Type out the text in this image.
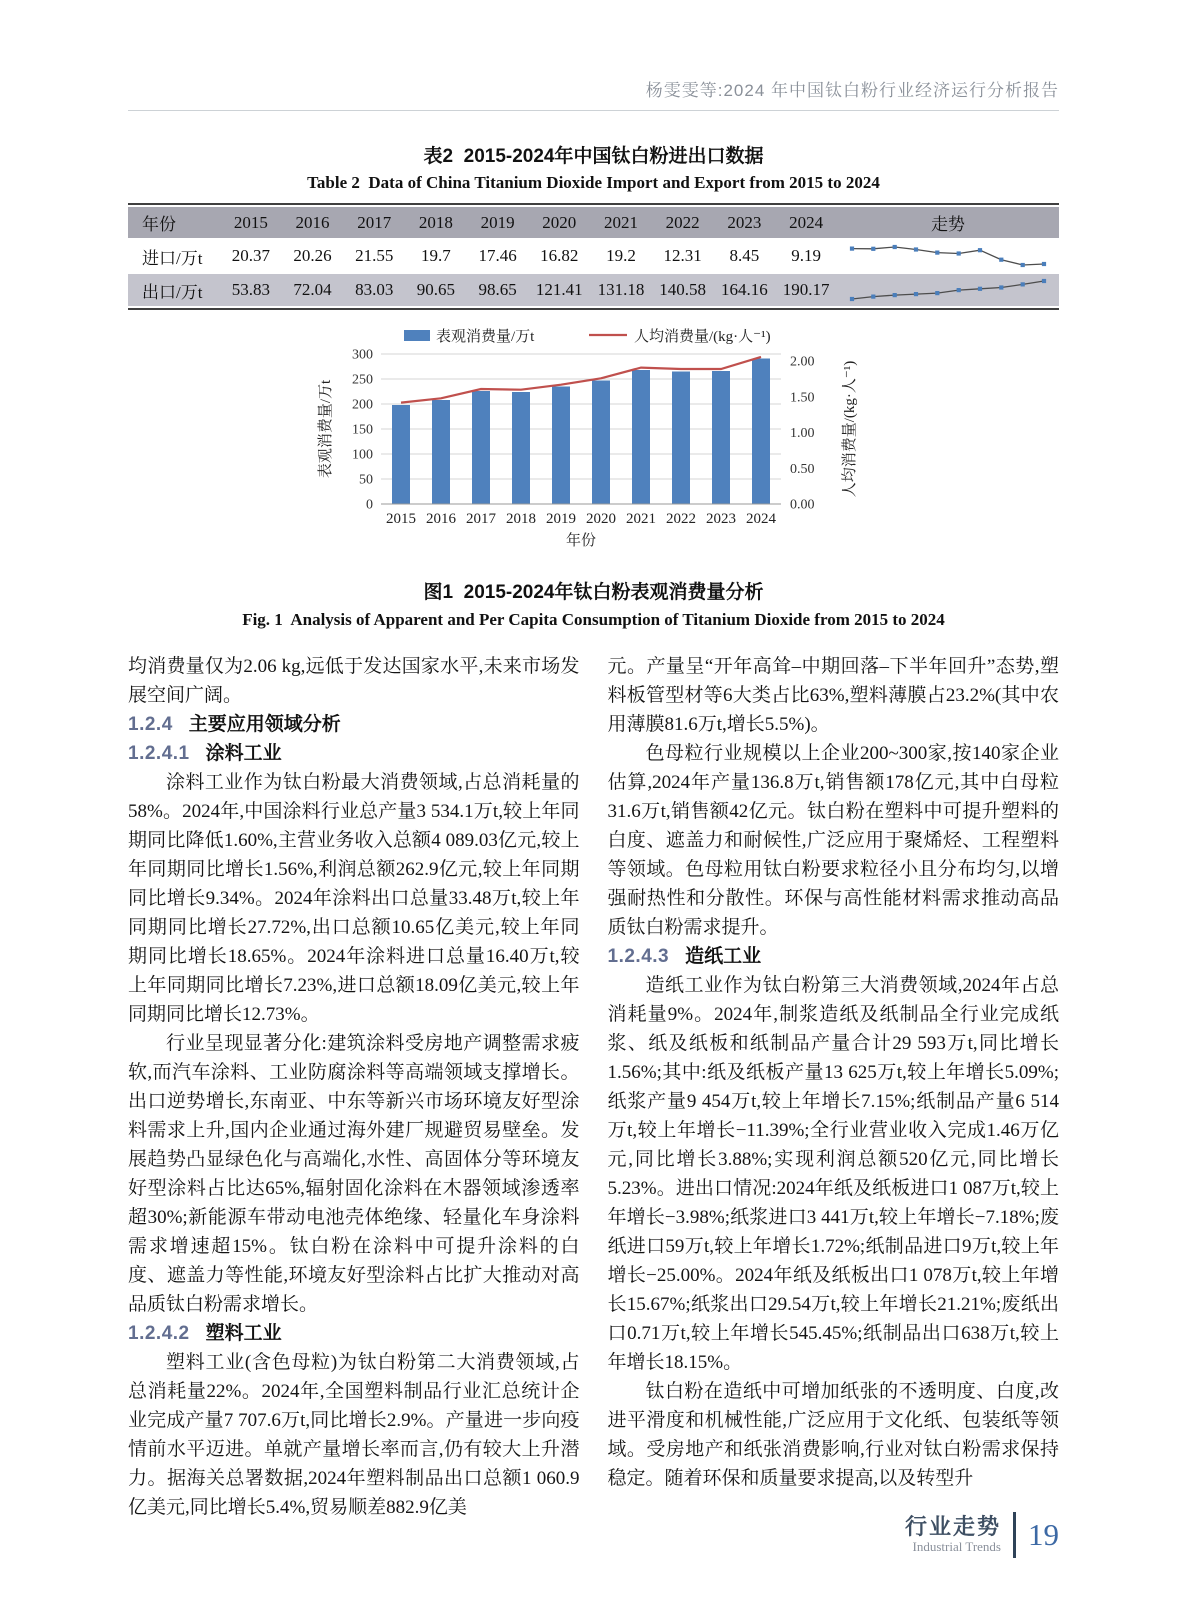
杨雯雯等:2024 年中国钛白粉行业经济运行分析报告
表2  2015-2024年中国钛白粉进出口数据
Table 2  Data of China Titanium Dioxide Import and Export from 2015 to 2024
年份	2015	2016	2017	2018	2019	2020	2021	2022	2023	2024	走势
进口/万t	20.37	20.26	21.55	19.7	17.46	16.82	19.2	12.31	8.45	9.19	
出口/万t	53.83	72.04	83.03	90.65	98.65	121.41	131.18	140.58	164.16	190.17	
0
50
100
150
200
250
300
0.00
0.50
1.00
1.50
2.00
2015 2016 2017 2018 2019 2020 2021 2022 2023 2024
年份
表观消费量/万t	人均消费量/(kg·人⁻¹)
表观消费量/万t	人均消费量/(kg·人⁻¹)
图1  2015-2024年钛白粉表观消费量分析
Fig. 1  Analysis of Apparent and Per Capita Consumption of Titanium Dioxide from 2015 to 2024

均消费量仅为2.06 kg,远低于发达国家水平,未来市场发展空间广阔。

1.2.4 主要应用领域分析
1.2.4.1 涂料工业

涂料工业作为钛白粉最大消费领域,占总消耗量的58%。2024年,中国涂料行业总产量3 534.1万t,较上年同期同比降低1.60%,主营业务收入总额4 089.03亿元,较上年同期同比增长1.56%,利润总额262.9亿元,较上年同期同比增长9.34%。2024年涂料出口总量33.48万t,较上年同期同比增长27.72%,出口总额10.65亿美元,较上年同期同比增长18.65%。2024年涂料进口总量16.40万t,较上年同期同比增长7.23%,进口总额18.09亿美元,较上年同期同比增长12.73%。

行业呈现显著分化:建筑涂料受房地产调整需求疲软,而汽车涂料、工业防腐涂料等高端领域支撑增长。出口逆势增长,东南亚、中东等新兴市场环境友好型涂料需求上升,国内企业通过海外建厂规避贸易壁垒。发展趋势凸显绿色化与高端化,水性、高固体分等环境友好型涂料占比达65%,辐射固化涂料在木器领域渗透率超30%;新能源车带动电池壳体绝缘、轻量化车身涂料需求增速超15%。钛白粉在涂料中可提升涂料的白度、遮盖力等性能,环境友好型涂料占比扩大推动对高品质钛白粉需求增长。

1.2.4.2 塑料工业

塑料工业(含色母粒)为钛白粉第二大消费领域,占总消耗量22%。2024年,全国塑料制品行业汇总统计企业完成产量7 707.6万t,同比增长2.9%。产量进一步向疫情前水平迈进。单就产量增长率而言,仍有较大上升潜力。据海关总署数据,2024年塑料制品出口总额1 060.9亿美元,同比增长5.4%,贸易顺差882.9亿美

元。产量呈“开年高耸–中期回落–下半年回升”态势,塑料板管型材等6大类占比63%,塑料薄膜占23.2%(其中农用薄膜81.6万t,增长5.5%)。

色母粒行业规模以上企业200~300家,按140家企业估算,2024年产量136.8万t,销售额178亿元,其中白母粒31.6万t,销售额42亿元。钛白粉在塑料中可提升塑料的白度、遮盖力和耐候性,广泛应用于聚烯烃、工程塑料等领域。色母粒用钛白粉要求粒径小且分布均匀,以增强耐热性和分散性。环保与高性能材料需求推动高品质钛白粉需求提升。

1.2.4.3 造纸工业

造纸工业作为钛白粉第三大消费领域,2024年占总消耗量9%。2024年,制浆造纸及纸制品全行业完成纸浆、纸及纸板和纸制品产量合计29 593万t,同比增长1.56%;其中:纸及纸板产量13 625万t,较上年增长5.09%;纸浆产量9 454万t,较上年增长7.15%;纸制品产量6 514万t,较上年增长−11.39%;全行业营业收入完成1.46万亿元,同比增长3.88%;实现利润总额520亿元,同比增长5.23%。进出口情况:2024年纸及纸板进口1 087万t,较上年增长−3.98%;纸浆进口3 441万t,较上年增长−7.18%;废纸进口59万t,较上年增长1.72%;纸制品进口9万t,较上年增长−25.00%。2024年纸及纸板出口1 078万t,较上年增长15.67%;纸浆出口29.54万t,较上年增长21.21%;废纸出口0.71万t,较上年增长545.45%;纸制品出口638万t,较上年增长18.15%。

钛白粉在造纸中可增加纸张的不透明度、白度,改进平滑度和机械性能,广泛应用于文化纸、包装纸等领域。受房地产和纸张消费影响,行业对钛白粉需求保持稳定。随着环保和质量要求提高,以及转型升

行业走势
Industrial Trends 19
